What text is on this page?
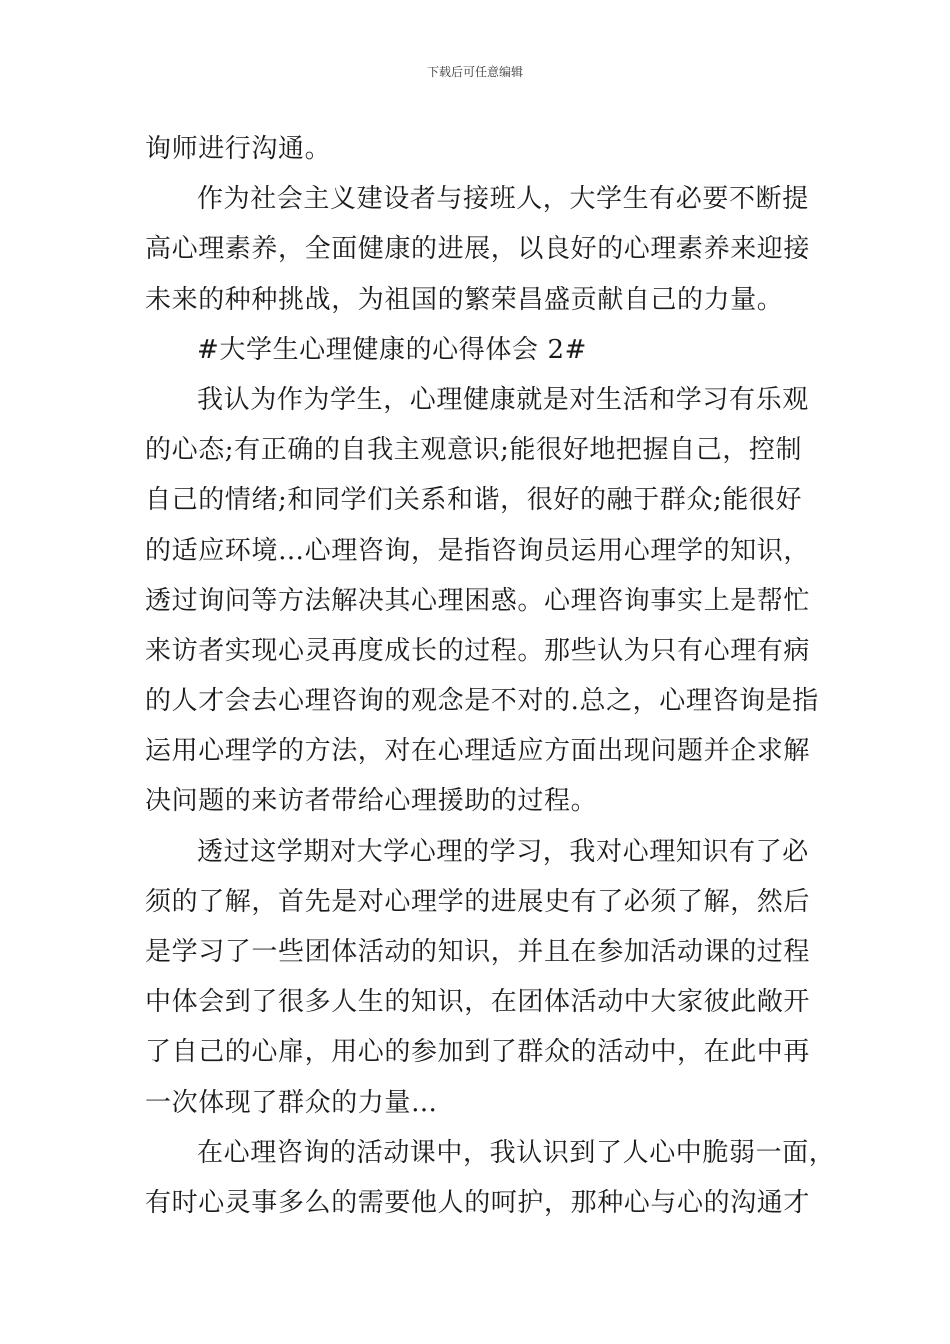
下载后可任意编辑
询师进行沟通。
作为社会主义建设者与接班人，大学生有必要不断提
高心理素养，全面健康的进展，以良好的心理素养来迎接
未来的种种挑战，为祖国的繁荣昌盛贡献自己的力量。
#大学生心理健康的心得体会 2#
我认为作为学生，心理健康就是对生活和学习有乐观
的心态;有正确的自我主观意识;能很好地把握自己，控制
自己的情绪;和同学们关系和谐，很好的融于群众;能很好
的适应环境…心理咨询，是指咨询员运用心理学的知识，
透过询问等方法解决其心理困惑。心理咨询事实上是帮忙
来访者实现心灵再度成长的过程。那些认为只有心理有病
的人才会去心理咨询的观念是不对的.总之，心理咨询是指
运用心理学的方法，对在心理适应方面出现问题并企求解
决问题的来访者带给心理援助的过程。
透过这学期对大学心理的学习，我对心理知识有了必
须的了解，首先是对心理学的进展史有了必须了解，然后
是学习了一些团体活动的知识，并且在参加活动课的过程
中体会到了很多人生的知识，在团体活动中大家彼此敞开
了自己的心扉，用心的参加到了群众的活动中，在此中再
一次体现了群众的力量…
在心理咨询的活动课中，我认识到了人心中脆弱一面，
有时心灵事多么的需要他人的呵护，那种心与心的沟通才
